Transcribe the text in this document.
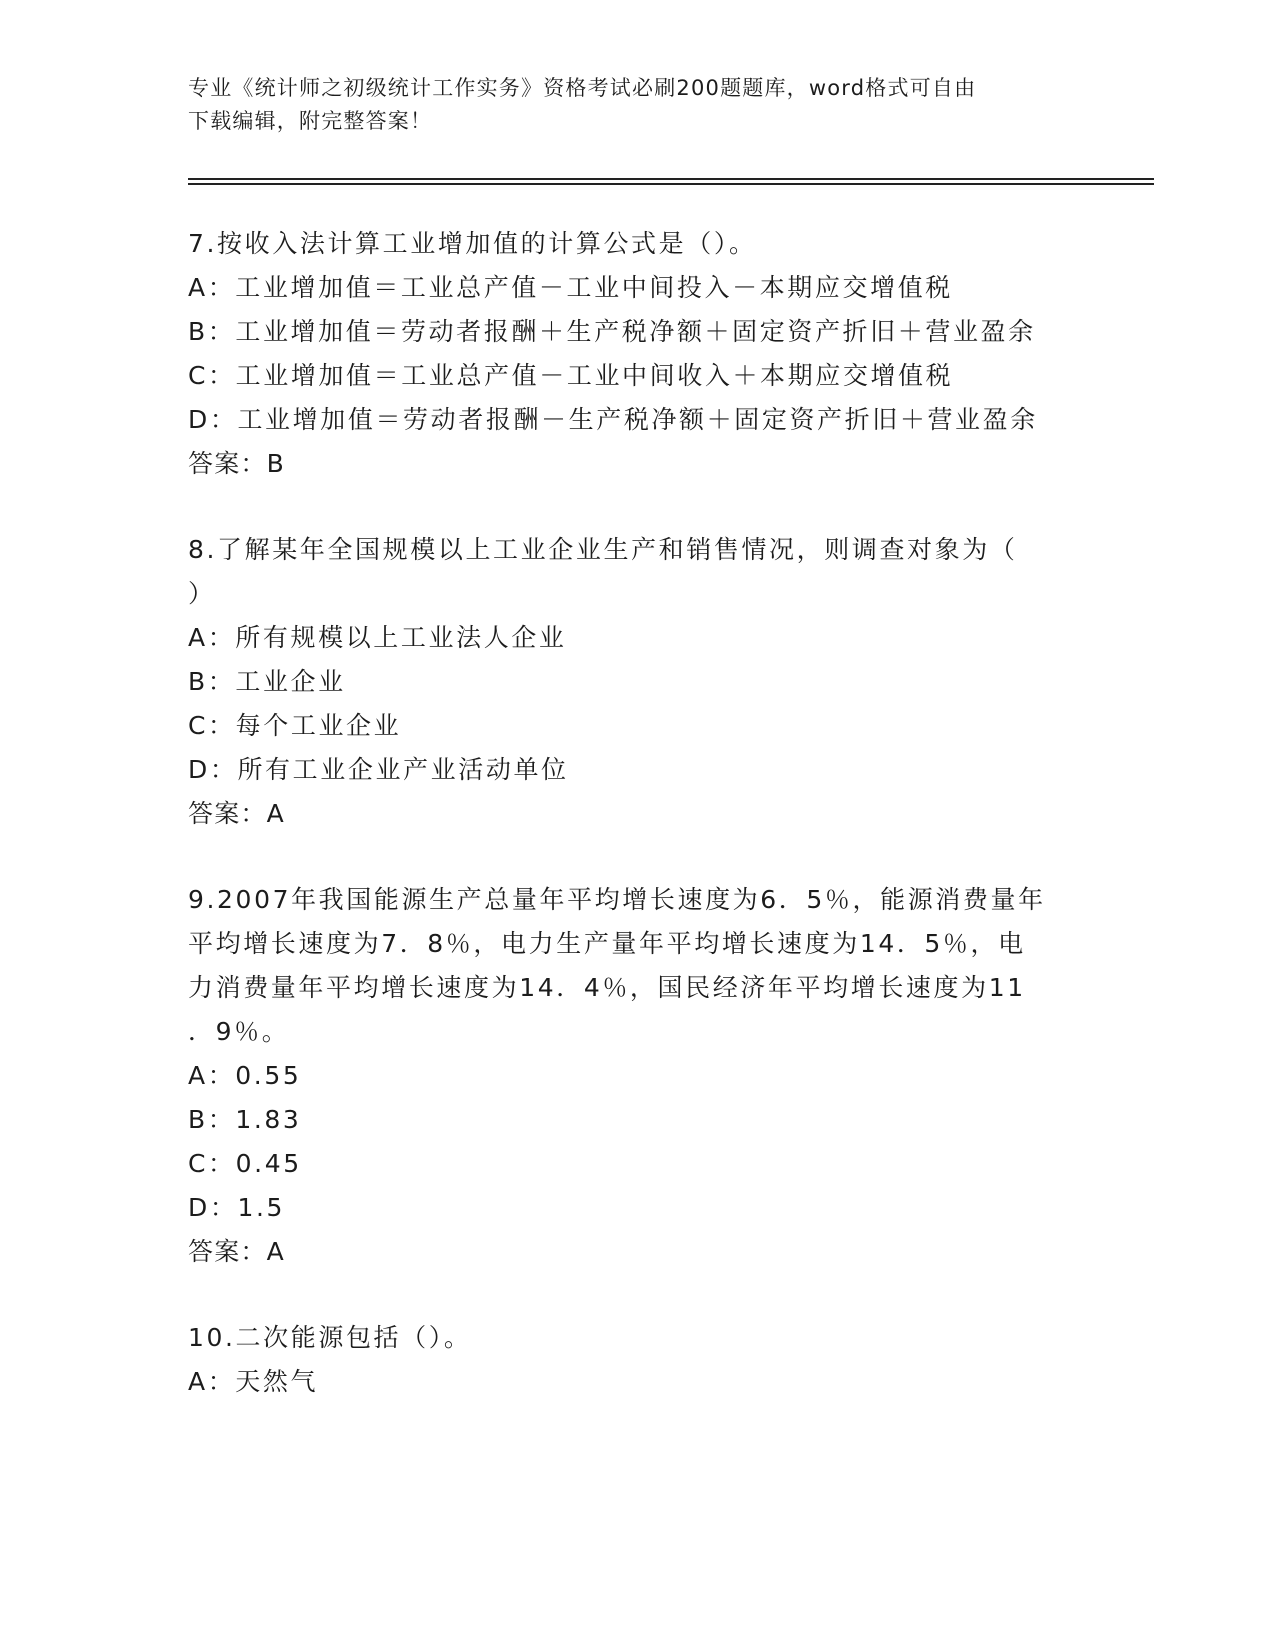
专业《统计师之初级统计工作实务》资格考试必刷200题题库，word格式可自由
下载编辑，附完整答案！
7.按收入法计算工业增加值的计算公式是（）。
A：工业增加值＝工业总产值－工业中间投入－本期应交增值税
B：工业增加值＝劳动者报酬＋生产税净额＋固定资产折旧＋营业盈余
C：工业增加值＝工业总产值－工业中间收入＋本期应交增值税
D：工业增加值＝劳动者报酬－生产税净额＋固定资产折旧＋营业盈余
答案：B
8.了解某年全国规模以上工业企业生产和销售情况，则调查对象为（
）
A：所有规模以上工业法人企业
B：工业企业
C：每个工业企业
D：所有工业企业产业活动单位
答案：A
9.2007年我国能源生产总量年平均增长速度为6．5％，能源消费量年
平均增长速度为7．8％，电力生产量年平均增长速度为14．5％，电
力消费量年平均增长速度为14．4％，国民经济年平均增长速度为11
．9％。
A：0.55
B：1.83
C：0.45
D：1.5
答案：A
10.二次能源包括（）。
A：天然气
